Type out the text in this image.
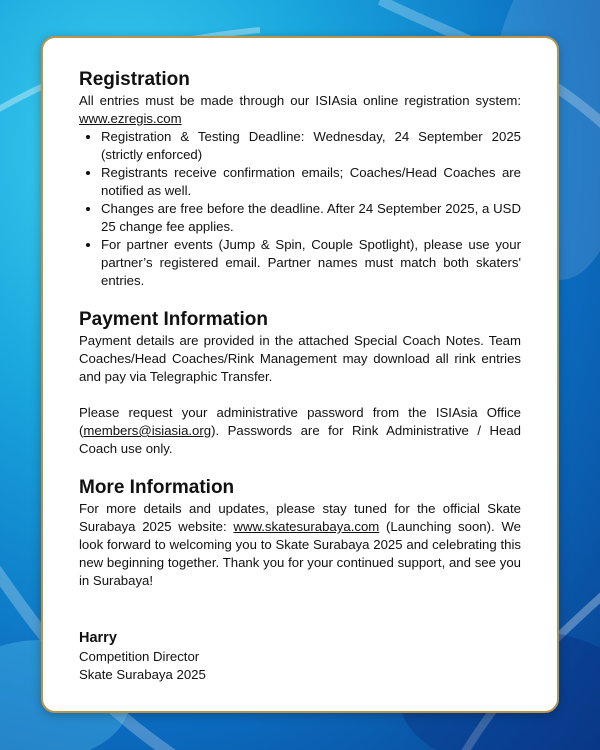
Registration

All entries must be made through our ISIAsia online registration system: www.ezregis.com

• Registration & Testing Deadline: Wednesday, 24 September 2025 (strictly enforced)
• Registrants receive confirmation emails; Coaches/Head Coaches are notified as well.
• Changes are free before the deadline. After 24 September 2025, a USD 25 change fee applies.
• For partner events (Jump & Spin, Couple Spotlight), please use your partner’s registered email. Partner names must match both skaters' entries.
Payment Information

Payment details are provided in the attached Special Coach Notes. Team Coaches/Head Coaches/Rink Management may download all rink entries and pay via Telegraphic Transfer.

Please request your administrative password from the ISIAsia Office (members@isiasia.org). Passwords are for Rink Administrative / Head Coach use only.

More Information

For more details and updates, please stay tuned for the official Skate Surabaya 2025 website: www.skatesurabaya.com (Launching soon). We look forward to welcoming you to Skate Surabaya 2025 and celebrating this new beginning together. Thank you for your continued support, and see you in Surabaya!

Harry

Competition Director

Skate Surabaya 2025
